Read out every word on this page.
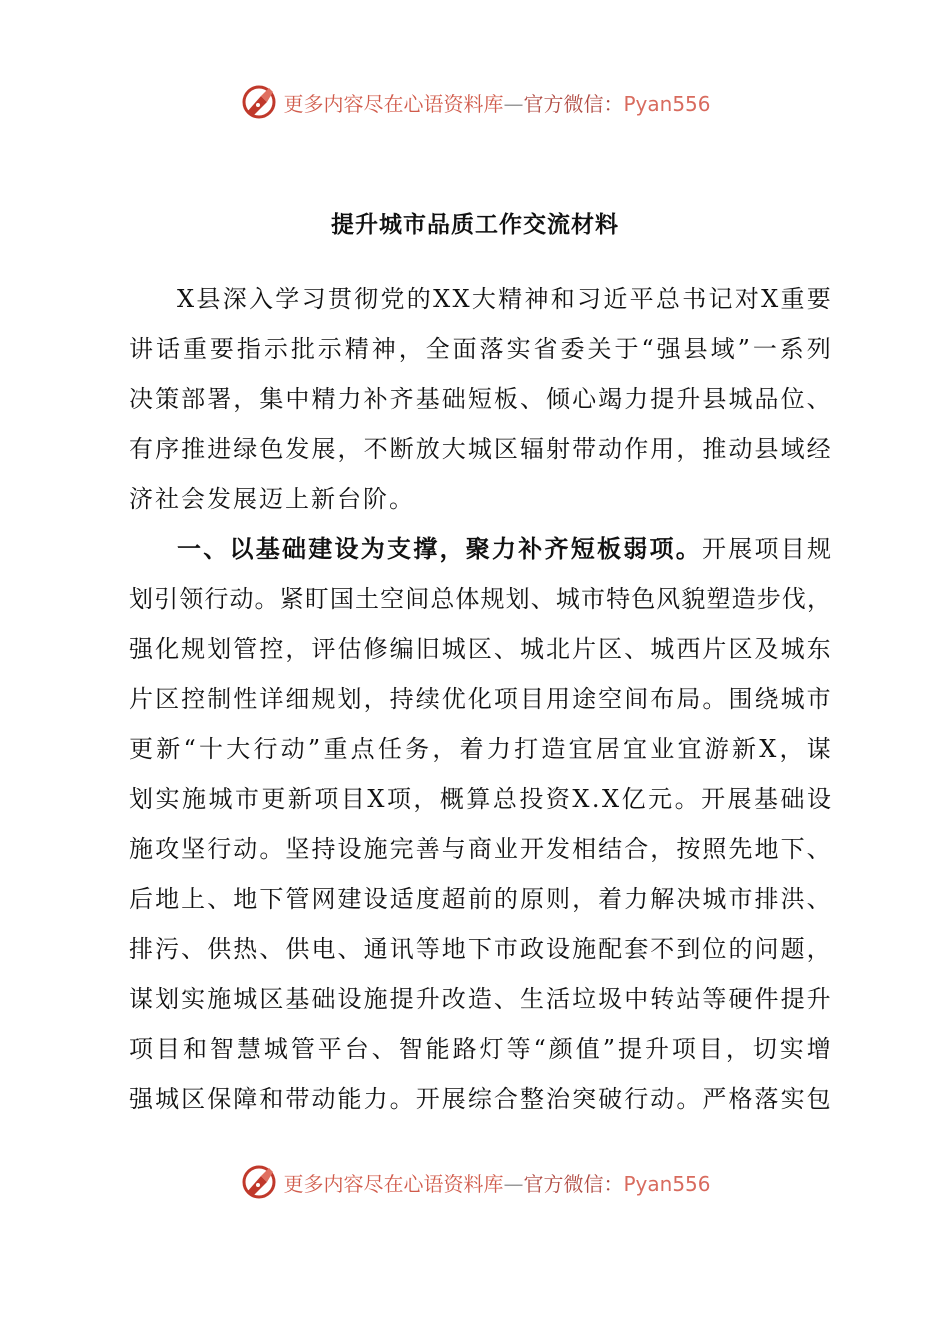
更多内容尽在心语资料库—官方微信：Pyan556
提升城市品质工作交流材料
X 县 深 入 学 习 贯 彻 党 的 X X 大 精 神 和 习 近 平 总 书 记 对 X 重 要
讲 话 重 要 指 示 批 示 精 神 ， 全 面 落 实 省 委 关 于 “ 强 县 域 ” 一 系 列
决 策 部 署 ， 集 中 精 力 补 齐 基 础 短 板 、 倾 心 竭 力 提 升 县 城 品 位 、
有 序 推 进 绿 色 发 展 ， 不 断 放 大 城 区 辐 射 带 动 作 用 ， 推 动 县 域 经
济社会发展迈上新台阶。
一 、 以 基 础 建 设 为 支 撑 ， 聚 力 补 齐 短 板 弱 项 。 开 展 项 目 规
划 引 领 行 动 。 紧 盯 国 土 空 间 总 体 规 划 、 城 市 特 色 风 貌 塑 造 步 伐 ，
强 化 规 划 管 控 ， 评 估 修 编 旧 城 区 、 城 北 片 区 、 城 西 片 区 及 城 东
片 区 控 制 性 详 细 规 划 ， 持 续 优 化 项 目 用 途 空 间 布 局 。 围 绕 城 市
更 新 “ 十 大 行 动 ” 重 点 任 务 ， 着 力 打 造 宜 居 宜 业 宜 游 新 X ， 谋
划 实 施 城 市 更 新 项 目 X 项 ， 概 算 总 投 资 X . X 亿 元 。 开 展 基 础 设
施 攻 坚 行 动 。 坚 持 设 施 完 善 与 商 业 开 发 相 结 合 ， 按 照 先 地 下 、
后 地 上 、 地 下 管 网 建 设 适 度 超 前 的 原 则 ， 着 力 解 决 城 市 排 洪 、
排 污 、 供 热 、 供 电 、 通 讯 等 地 下 市 政 设 施 配 套 不 到 位 的 问 题 ，
谋 划 实 施 城 区 基 础 设 施 提 升 改 造 、 生 活 垃 圾 中 转 站 等 硬 件 提 升
项 目 和 智 慧 城 管 平 台 、 智 能 路 灯 等 “ 颜 值 ” 提 升 项 目 ， 切 实 增
强 城 区 保 障 和 带 动 能 力 。 开 展 综 合 整 治 突 破 行 动 。 严 格 落 实 包
更多内容尽在心语资料库—官方微信：Pyan556
